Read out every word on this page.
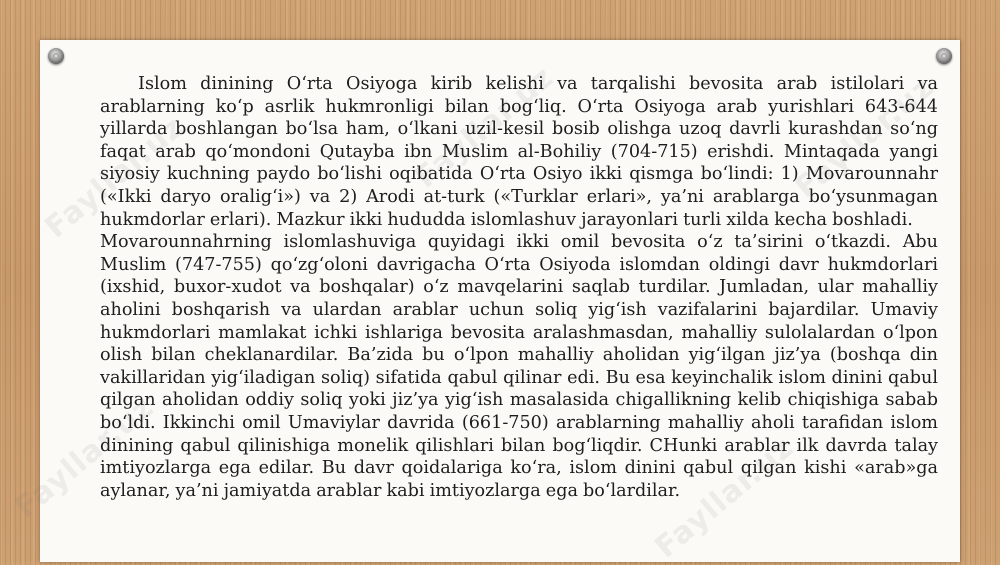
Fayllar.uz	Fayllar.uz	Fayllar.uz
Fayllar.uz	Fayllar.uz

Islom dinining O‘rta Osiyoga kirib kelishi va tarqalishi bevosita arab istilolari va arablarning ko‘p asrlik hukmronligi bilan bog‘liq. O‘rta Osiyoga arab yurishlari 643-644 yillarda boshlangan bo‘lsa ham, o‘lkani uzil-kesil bosib olishga uzoq davrli kurashdan so‘ng faqat arab qo‘mondoni Qutayba ibn Muslim al-Bohiliy (704-715) erishdi. Mintaqada yangi siyosiy kuchning paydo bo‘lishi oqibatida O‘rta Osiyo ikki qismga bo‘lindi: 1) Movarounnahr («Ikki daryo oralig‘i») va 2) Arodi at-turk («Turklar erlari», ya’ni arablarga bo‘ysunmagan hukmdorlar erlari). Mazkur ikki hududda islomlashuv jarayonlari turli xilda kecha boshladi.

Movarounnahrning islomlashuviga quyidagi ikki omil bevosita o‘z ta’sirini o‘tkazdi. Abu Muslim (747-755) qo‘zg‘oloni davrigacha O‘rta Osiyoda islomdan oldingi davr hukmdorlari (ixshid, buxor-xudot va boshqalar) o‘z mavqelarini saqlab turdilar. Jumladan, ular mahalliy aholini boshqarish va ulardan arablar uchun soliq yig‘ish vazifalarini bajardilar. Umaviy hukmdorlari mamlakat ichki ishlariga bevosita aralashmasdan, mahalliy sulolalardan o‘lpon olish bilan cheklanardilar. Ba’zida bu o‘lpon mahalliy aholidan yig‘ilgan jiz’ya (boshqa din vakillaridan yig‘iladigan soliq) sifatida qabul qilinar edi. Bu esa keyinchalik islom dinini qabul qilgan aholidan oddiy soliq yoki jiz’ya yig‘ish masalasida chigallikning kelib chiqishiga sabab bo‘ldi. Ikkinchi omil Umaviylar davrida (661-750) arablarning mahalliy aholi tarafidan islom dinining qabul qilinishiga monelik qilishlari bilan bog‘liqdir. CHunki arablar ilk davrda talay imtiyozlarga ega edilar. Bu davr qoidalariga ko‘ra, islom dinini qabul qilgan kishi «arab»ga aylanar, ya’ni jamiyatda arablar kabi imtiyozlarga ega bo‘lardilar.
